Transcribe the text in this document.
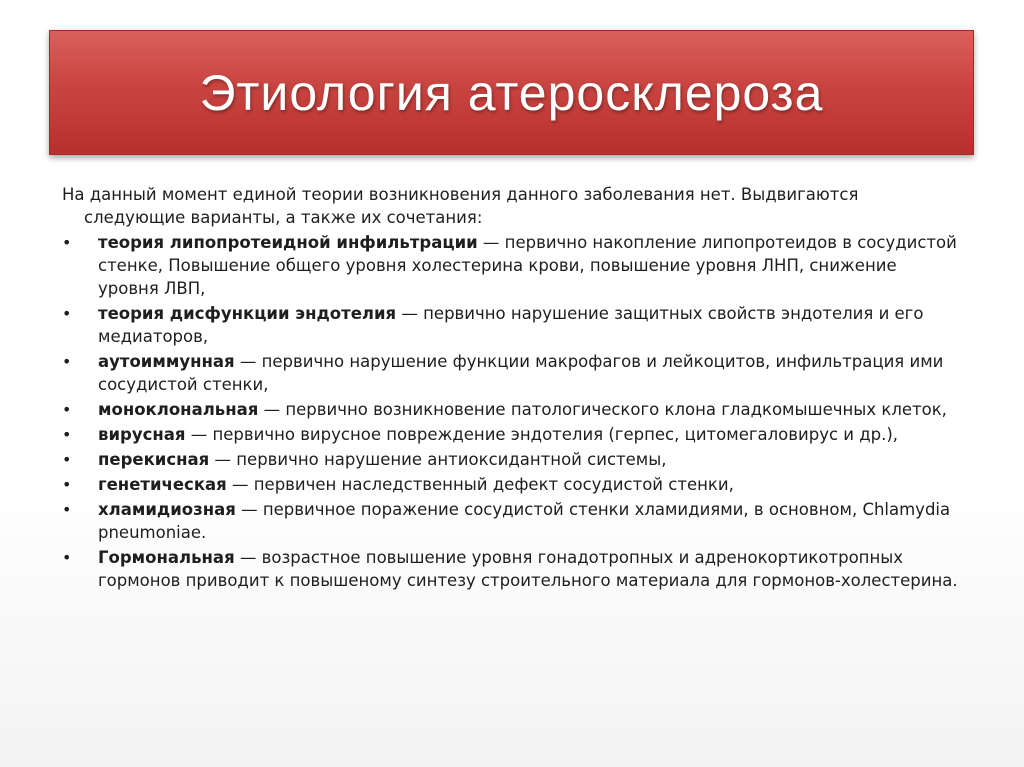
Этиология атеросклероза

На данный момент единой теории возникновения данного заболевания нет. Выдвигаются следующие варианты, а также их сочетания:

•	теория липопротеидной инфильтрации — первично накопление липопротеидов в сосудистой стенке, Повышение общего уровня холестерина крови, повышение уровня ЛНП, снижение уровня ЛВП,
•	теория дисфункции эндотелия — первично нарушение защитных свойств эндотелия и его медиаторов,
•	аутоиммунная — первично нарушение функции макрофагов и лейкоцитов, инфильтрация ими сосудистой стенки,
•	моноклональная — первично возникновение патологического клона гладкомышечных клеток,
•	вирусная — первично вирусное повреждение эндотелия (герпес, цитомегаловирус и др.),
•	перекисная — первично нарушение антиоксидантной системы,
•	генетическая — первичен наследственный дефект сосудистой стенки,
•	хламидиозная — первичное поражение сосудистой стенки хламидиями, в основном, Chlamydia pneumoniae.
•	Гормональная — возрастное повышение уровня гонадотропных и адренокортикотропных гормонов приводит к повышеному синтезу строительного материала для гормонов-холестерина.
